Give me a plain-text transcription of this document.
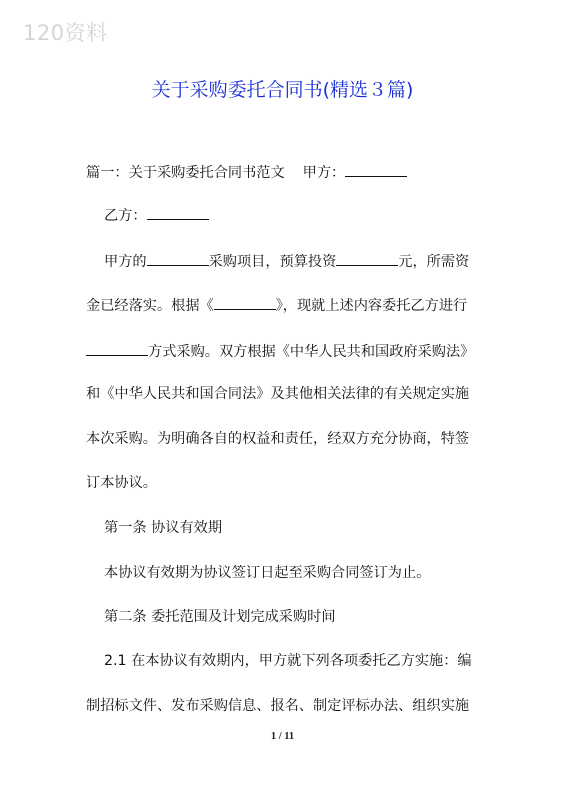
120资料
关于采购委托合同书(精选３篇)
篇一：关于采购委托合同书范文 甲方：
乙方：
甲方的	采购项目，预算投资	元，所需资
金已经落实。根据《	》，现就上述内容委托乙方进行
方式采购。双方根据《中华人民共和国政府采购法》
和《中华人民共和国合同法》及其他相关法律的有关规定实施
本次采购。为明确各自的权益和责任，经双方充分协商，特签
订本协议。
第一条 协议有效期
本协议有效期为协议签订日起至采购合同签订为止。
第二条 委托范围及计划完成采购时间
2.1 在本协议有效期内，甲方就下列各项委托乙方实施：编
制招标文件、发布采购信息、报名、制定评标办法、组织实施
1 / 11
